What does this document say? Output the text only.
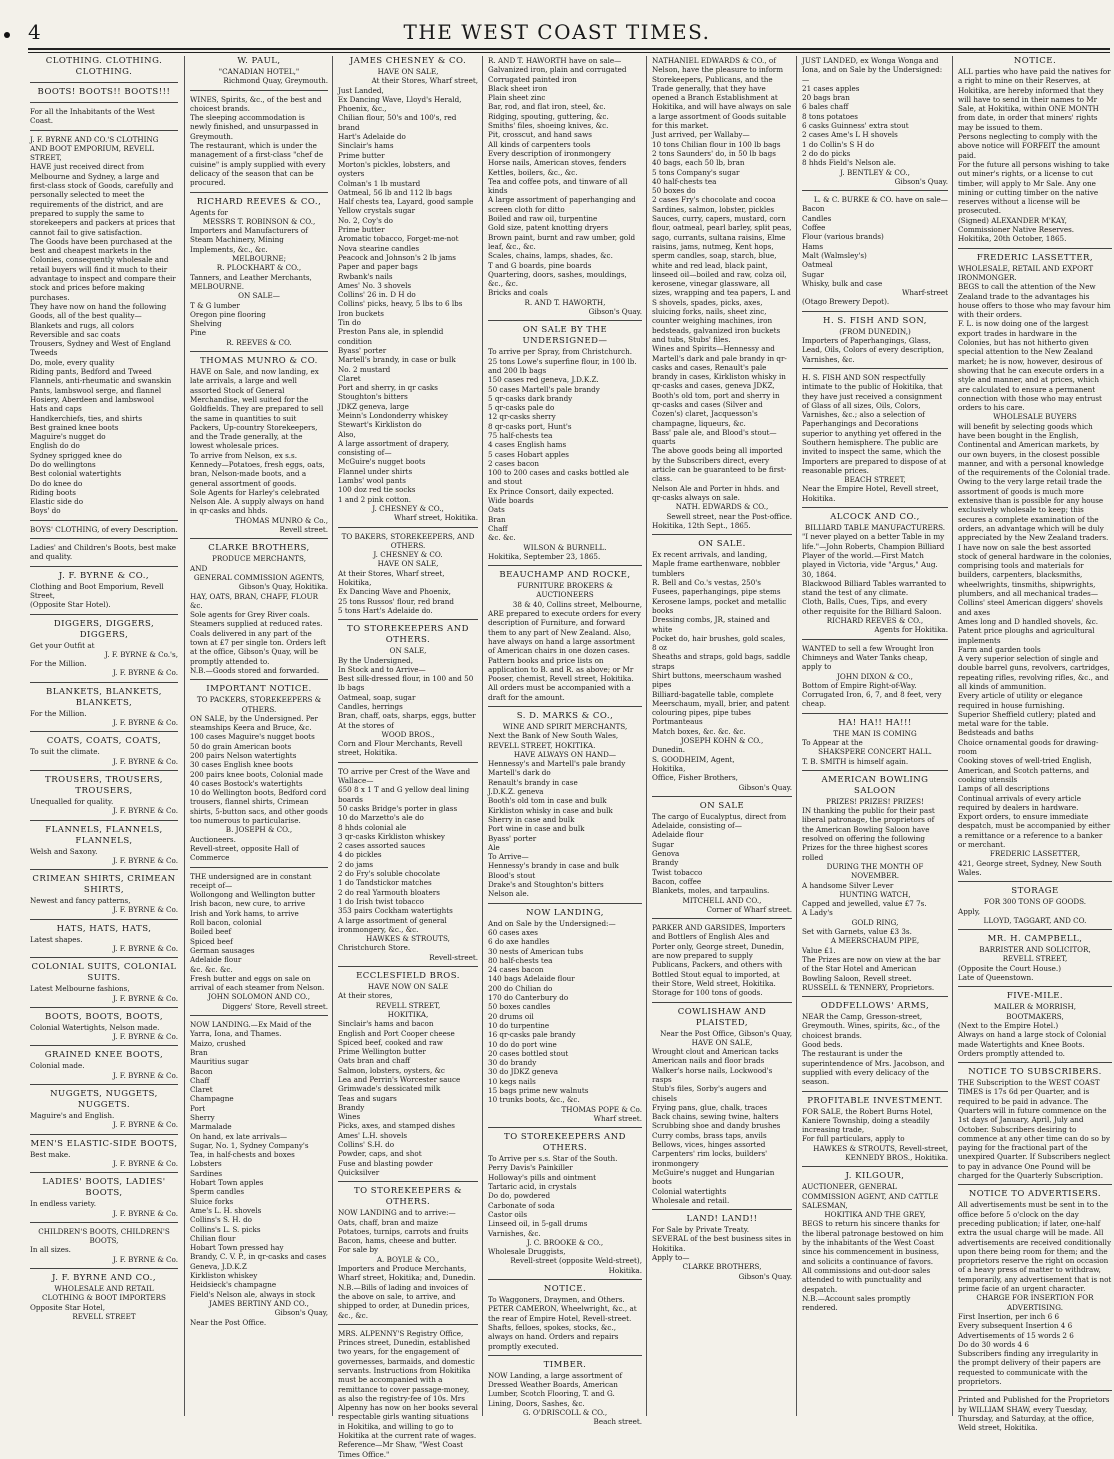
4	THE WEST COAST TIMES.

CLOTHING. CLOTHING. CLOTHING.

BOOTS! BOOTS!! BOOTS!!!

For all the Inhabitants of the West Coast.

J. F. BYRNE AND CO.'S CLOTHING AND BOOT EMPORIUM, REVELL STREET,

HAVE just received direct from Melbourne and Sydney, a large and first-class stock of Goods, carefully and personally selected to meet the requirements of the district, and are prepared to supply the same to storekeepers and packers at prices that cannot fail to give satisfaction.

The Goods have been purchased at the best and cheapest markets in the Colonies, consequently wholesale and retail buyers will find it much to their advantage to inspect and compare their stock and prices before making purchases.

They have now on hand the following Goods, all of the best quality—

Blankets and rugs, all colors

Reversible and sac coats

Trousers, Sydney and West of England Tweeds

Do, mole, every quality

Riding pants, Bedford and Tweed

Flannels, anti-rheumatic and swanskin

Pants, lambswool serge, and flannel

Hosiery, Aberdeen and lambswool

Hats and caps

Handkerchiefs, ties, and shirts

Best grained knee boots

Maguire's nugget do

English do do

Sydney sprigged knee do

Do do wellingtons

Best colonial watertights

Do do knee do

Riding boots

Elastic side do

Boys' do

BOYS' CLOTHING, of every Description.

Ladies' and Children's Boots, best make and quality.

J. F. BYRNE & CO.,

Clothing and Boot Emporium, Revell Street,

(Opposite Star Hotel).

DIGGERS, DIGGERS, DIGGERS,

Get your Outfit at

J. F. BYRNE & Co.'s,

For the Million.

J. F. BYRNE & Co.

BLANKETS, BLANKETS, BLANKETS,

For the Million.

J. F. BYRNE & Co.

COATS, COATS, COATS,

To suit the climate.

J. F. BYRNE & Co.

TROUSERS, TROUSERS, TROUSERS,

Unequalled for quality.

J. F. BYRNE & Co.

FLANNELS, FLANNELS, FLANNELS,

Welsh and Saxony.

J. F. BYRNE & Co.

CRIMEAN SHIRTS, CRIMEAN SHIRTS,

Newest and fancy patterns,

J. F. BYRNE & Co.

HATS, HATS, HATS,

Latest shapes.

J. F. BYRNE & Co.

COLONIAL SUITS, COLONIAL SUITS.

Latest Melbourne fashions,

J. F. BYRNE & Co.

BOOTS, BOOTS, BOOTS,

Colonial Watertights, Nelson made.

J. F. BYRNE & Co.

GRAINED KNEE BOOTS,

Colonial made.

J. F. BYRNE & Co.

NUGGETS, NUGGETS, NUGGETS.

Maguire's and English.

J. F. BYRNE & Co.

MEN'S ELASTIC-SIDE BOOTS,

Best make.

J. F. BYRNE & Co.

LADIES' BOOTS, LADIES' BOOTS,

In endless variety.

J. F. BYRNE & Co.

CHILDREN'S BOOTS, CHILDREN'S BOOTS,

In all sizes.

J. F. BYRNE & Co.

J. F. BYRNE AND CO.,

WHOLESALE AND RETAIL

CLOTHING & BOOT IMPORTERS

Opposite Star Hotel,

REVELL STREET

W. PAUL,

"CANADIAN HOTEL,"

Richmond Quay, Greymouth.

WINES, Spirits, &c., of the best and choicest brands.

The sleeping accommodation is newly finished, and unsurpassed in Greymouth.

The restaurant, which is under the management of a first-class "chef de cuisine" is amply supplied with every delicacy of the season that can be procured.

RICHARD REEVES & CO.,

Agents for

MESSRS T. ROBINSON & CO.,

Importers and Manufacturers of Steam Machinery, Mining Implements, &c., &c.

MELBOURNE;

R. PLOCKHART & CO.,

Tanners, and Leather Merchants, MELBOURNE.

ON SALE—

T & G lumber

Oregon pine flooring

Shelving

Pine

R. REEVES & CO.

THOMAS MUNRO & CO.

HAVE on Sale, and now landing, ex late arrivals, a large and well assorted Stock of General Merchandise, well suited for the Goldfields. They are prepared to sell the same in quantities to suit Packers, Up-country Storekeepers, and the Trade generally, at the lowest wholesale prices.

To arrive from Nelson, ex s.s. Kennedy—Potatoes, fresh eggs, oats, bran, Nelson-made boots, and a general assortment of goods.

Sole Agents for Harley's celebrated Nelson Ale. A supply always on hand in qr-casks and hhds.

THOMAS MUNRO & Co.,

Revell street.

CLARKE BROTHERS,

PRODUCE MERCHANTS,

AND

GENERAL COMMISSION AGENTS,

Gibson's Quay, Hokitika.

HAY, OATS, BRAN, CHAFF, FLOUR &c.

Sole agents for Grey River coals.

Steamers supplied at reduced rates. Coals delivered in any part of the town at £7 per single ton. Orders left at the office, Gibson's Quay, will be promptly attended to.

N.B.—Goods stored and forwarded.

IMPORTANT NOTICE.

TO PACKERS, STOREKEEPERS & OTHERS.

ON SALE, by the Undersigned. Per steamships Keera and Bruce, &c.

100 cases Maguire's nugget boots

50 do grain American boots

200 pairs Nelson watertights

30 cases English knee boots

200 pairs knee boots, Colonial made

40 cases Bostock's watertights

10 do Wellington boots, Bedford cord trousers, flannel shirts, Crimean shirts, 5-button sacs, and other goods too numerous to particularise.

B. JOSEPH & CO.,

Auctioneers.

Revell-street, opposite Hall of Commerce

THE undersigned are in constant receipt of—

Wollongong and Wellington butter

Irish bacon, new cure, to arrive

Irish and York hams, to arrive

Roll bacon, colonial

Boiled beef

Spiced beef

German sausages

Adelaide flour

&c. &c. &c.

Fresh butter and eggs on sale on arrival of each steamer from Nelson.

JOHN SOLOMON AND CO.,

Diggers' Store, Revell street.

NOW LANDING.—Ex Maid of the Yarra, Iona, and Thames.

Maizo, crushed

Bran

Mauritius sugar

Bacon

Chaff

Claret

Champagne

Port

Sherry

Marmalade

On hand, ex late arrivals—

Sugar, No. 1, Sydney Company's

Tea, in half-chests and boxes

Lobsters

Sardines

Hobart Town apples

Sperm candles

Sluice forks

Ame's L. H. shovels

Collins's S. H. do

Collins's L. S. picks

Chilian flour

Hobart Town pressed hay

Brandy, C. V. P., in qr-casks and cases

Geneva, J.D.K.Z

Kirkliston whiskey

Heidsieck's champagne

Field's Nelson ale, always in stock

JAMES BERTINY AND CO.,

Gibson's Quay,

Near the Post Office.

JAMES CHESNEY & CO.

HAVE ON SALE,

At their Stores, Wharf street,

Just Landed,

Ex Dancing Wave, Lloyd's Herald, Phoenix, &c.,

Chilian flour, 50's and 100's, red brand

Hart's Adelaide do

Sinclair's hams

Prime butter

Morton's pickles, lobsters, and oysters

Colman's 1 lb mustard

Oatmeal, 56 lb and 112 lb bags

Half chests tea, Layard, good sample

Yellow crystals sugar

No. 2, Coy's do

Prime butter

Aromatic tobacco, Forget-me-not

Nova stearine candles

Peacock and Johnson's 2 lb jams

Paper and paper bags

Rwbank's nails

Ames' No. 3 shovels

Collins' 26 in. D H do

Collins' picks, heavy, 5 lbs to 6 lbs

Iron buckets

Tin do

Preston Pans ale, in splendid condition

Byass' porter

Martell's brandy, in case or bulk

No. 2 mustard

Claret

Port and sherry, in qr casks

Stoughton's bitters

JDKZ geneva, large

Meinn's Londonderry whiskey

Stewart's Kirkliston do

Also,

A large assortment of drapery, consisting of—

McGuire's nugget boots

Flannel under shirts

Lambs' wool pants

100 doz red tie socks

1 and 2 pink cotton.

J. CHESNEY & CO.,

Wharf street, Hokitika.

TO BAKERS, STOREKEEPERS, AND OTHERS.

J. CHESNEY & CO.

HAVE ON SALE,

At their Stores, Wharf street, Hokitika,

Ex Dancing Wave and Phoenix,

25 tons Russos' flour, red brand

5 tons Hart's Adelaide do.

TO STOREKEEPERS AND OTHERS.

ON SALE,

By the Undersigned,

In Stock and to Arrive—

Best silk-dressed flour, in 100 and 50 lb bags

Oatmeal, soap, sugar

Candles, herrings

Bran, chaff, oats, sharps, eggs, butter

At the stores of

WOOD BROS.,

Corn and Flour Merchants, Revell street, Hokitika.

TO arrive per Crest of the Wave and Wallace—

650 8 x 1 T and G yellow deal lining boards

50 casks Bridge's porter in glass

10 do Marzetto's ale do

8 hhds colonial ale

3 qr-casks Kirkliston whiskey

2 cases assorted sauces

4 do pickles

2 do jams

2 do Fry's soluble chocolate

1 do Tandstickor matches

2 do real Yarmouth bloaters

1 do Irish twist tobacco

353 pairs Cockham watertights

A large assortment of general ironmongery, &c., &c.

HAWKES & STROUTS,

Christchurch Store.

Revell-street.

ECCLESFIELD BROS.

HAVE NOW ON SALE

At their stores,

REVELL STREET,

HOKITIKA,

Sinclair's hams and bacon

English and Port Cooper cheese

Spiced beef, cooked and raw

Prime Wellington butter

Oats bran and chaff

Salmon, lobsters, oysters, &c

Lea and Perrin's Worcester sauce

Grimwade's dessicated milk

Teas and sugars

Brandy

Wines

Picks, axes, and stamped dishes

Ames' L.H. shovels

Collins' S.H. do

Powder, caps, and shot

Fuse and blasting powder

Quicksilver

TO STOREKEEPERS & OTHERS.

NOW LANDING and to arrive:—

Oats, chaff, bran and maize

Potatoes, turnips, carrots and fruits

Bacon, hams, cheese and butter.

For sale by

A. BOYLE & CO.,

Importers and Produce Merchants, Wharf street, Hokitika; and, Dunedin.

N.B.—Bills of lading and invoices of the above on sale, to arrive, and shipped to order, at Dunedin prices, &c., &c.

MRS. ALPENNY'S Registry Office, Princes street, Dunedin, established two years, for the engagement of governesses, barmaids, and domestic servants. Instructions from Hokitika must be accompanied with a remittance to cover passage-money, as also the registry-fee of 10s. Mrs Alpenny has now on her books several respectable girls wanting situations in Hokitika, and willing to go to Hokitika at the current rate of wages. Reference—Mr Shaw, "West Coast Times Office."

R. AND T. HAWORTH have on sale—

Galvanized iron, plain and corrugated

Corrugated painted iron

Black sheet iron

Plain sheet zinc

Bar, rod, and flat iron, steel, &c.

Ridging, spouting, guttering, &c.

Smiths' files, shoeing knives, &c.

Pit, crosscut, and hand saws

All kinds of carpenters tools

Every description of ironmongery

Horse nails, American stoves, fenders

Kettles, boilers, &c., &c.

Tea and coffee pots, and tinware of all kinds

A large assortment of paperhanging and screen cloth for ditto

Boiled and raw oil, turpentine

Gold size, patent knotting dryers

Brown paint, burnt and raw umber, gold leaf, &c., &c.

Scales, chains, lamps, shades, &c.

T and G boards, pine boards

Quartering, doors, sashes, mouldings, &c., &c.

Bricks and coals

R. AND T. HAWORTH,

Gibson's Quay.

ON SALE BY THE UNDERSIGNED—

To arrive per Spray, from Christchurch.

25 tons Lowe's superfine flour, in 100 lb. and 200 lb bags

150 cases red geneva, J.D.K.Z.

50 cases Martell's pale brandy

5 qr-casks dark brandy

5 qr-casks pale do

12 qr-casks sherry

8 qr-casks port, Hunt's

75 half-chests tea

4 cases English hams

5 cases Hobart apples

2 cases bacon

100 to 200 cases and casks bottled ale and stout

Ex Prince Consort, daily expected.

Wide boards

Oats

Bran

Chaff

&c. &c.

WILSON & BURNELL.

Hokitika, September 23, 1865.

BEAUCHAMP AND ROCKE,

FURNITURE BROKERS & AUCTIONEERS

38 & 40, Collins street, Melbourne,

ARE prepared to execute orders for every description of Furniture, and forward them to any part of New Zealand. Also, have always on hand a large assortment of American chairs in one dozen cases.

Pattern books and price lists on application to B. and R. as above; or Mr Pooser, chemist, Revell street, Hokitika.

All orders must be accompanied with a draft for the amount.

S. D. MARKS & CO.,

WINE AND SPIRIT MERCHANTS,

Next the Bank of New South Wales, REVELL STREET, HOKITIKA.

HAVE ALWAYS ON HAND—

Hennessy's and Martell's pale brandy

Martell's dark do

Renault's brandy in case

J.D.K.Z. geneva

Booth's old tom in case and bulk

Kirkliston whisky in case and bulk

Sherry in case and bulk

Port wine in case and bulk

Byass' porter

Ale

To Arrive—

Hennessy's brandy in case and bulk

Blood's stout

Drake's and Stoughton's bitters

Nelson ale.

NOW LANDING,

And on Sale by the Undersigned:—

60 cases axes

6 do axe handles

30 nests of American tubs

80 half-chests tea

24 cases bacon

140 bags Adelaide flour

200 do Chilian do

170 do Canterbury do

50 boxes candles

20 drums oil

10 do turpentine

16 qr-casks pale brandy

10 do do port wine

20 cases bottled stout

30 do brandy

30 do JDKZ geneva

10 kegs nails

15 bags prime new walnuts

10 trunks boots, &c., &c.

THOMAS POPE & Co.

Wharf street.

TO STOREKEEPERS AND OTHERS.

To Arrive per s.s. Star of the South.

Perry Davis's Painkiller

Holloway's pills and ointment

Tartaric acid, in crystals

Do do, powdered

Carbonate of soda

Castor oils

Linseed oil, in 5-gall drums

Varnishes, &c.

J. C. BROOKE & CO.,

Wholesale Druggists,

Revell-street (opposite Weld-street),

Hokitika.

NOTICE.

To Waggoners, Draymen, and Others.

PETER CAMERON, Wheelwright, &c., at the rear of Empire Hotel, Revell-street. Shafts, felloes, spokes, stocks, &c., always on hand. Orders and repairs promptly executed.

TIMBER.

NOW Landing, a large assortment of Dressed Weather Boards, American Lumber, Scotch Flooring, T. and G. Lining, Doors, Sashes, &c.

G. O'DRISCOLL & CO.,

Beach street.

NATHANIEL EDWARDS & CO., of Nelson, have the pleasure to inform Storekeepers, Publicans, and the Trade generally, that they have opened a Branch Establishment at Hokitika, and will have always on sale a large assortment of Goods suitable for this market.

Just arrived, per Wallaby—

10 tons Chilian flour in 100 lb bags

2 tons Saunders' do, in 50 lb bags

40 bags, each 50 lb, bran

5 tons Company's sugar

40 half-chests tea

50 boxes do

2 cases Fry's chocolate and cocoa

Sardines, salmon, lobster, pickles

Sauces, curry, capers, mustard, corn flour, oatmeal, pearl barley, split peas, sago, currants, sultana raisins, Elme raisins, jams, nutmeg, Kent hops, sperm candles, soap, starch, blue, white and red lead, black paint, linseed oil—boiled and raw, colza oil, kerosene, vinegar glassware, all sizes, wrapping and tea papers, L and S shovels, spades, picks, axes, sluicing forks, nails, sheet zinc, counter weighing machines, iron bedsteads, galvanized iron buckets and tubs, Stubs' files.

Wines and Spirits—Hennessy and Martell's dark and pale brandy in qr-casks and cases, Renault's pale brandy in cases, Kirkliston whisky in qr-casks and cases, geneva JDKZ, Booth's old tom, port and sherry in qr-casks and cases (Silver and Cozen's) claret, Jacquesson's champagne, liqueurs, &c.

Bass' pale ale, and Blood's stout—quarts

The above goods being all imported by the Subscribers direct, every article can be guaranteed to be first-class.

Nelson Ale and Porter in hhds. and qr-casks always on sale.

NATH. EDWARDS & CO.,

Sewell street, near the Post-office.

Hokitika, 12th Sept., 1865.

ON SALE.

Ex recent arrivals, and landing,

Maple frame earthenware, nobbler tumblers

R. Bell and Co.'s vestas, 250's

Fusees, paperhangings, pipe stems

Kerosene lamps, pocket and metallic books

Dressing combs, JR, stained and white

Pocket do, hair brushes, gold scales, 8 oz

Sheaths and straps, gold bags, saddle straps

Shirt buttons, meerschaum washed pipes

Billiard-bagatelle table, complete

Meerschaum, myall, brier, and patent colouring pipes, pipe tubes

Portmanteaus

Match boxes, &c. &c. &c.

JOSEPH KOHN & CO.,

Dunedin.

S. GOODHEIM, Agent,

Hokitika,

Office, Fisher Brothers,

Gibson's Quay.

ON SALE

The cargo of Eucalyptus, direct from Adelaide, consisting of—

Adelaide flour

Sugar

Genova

Brandy

Twist tobacco

Bacon, coffee

Blankets, moles, and tarpaulins.

MITCHELL AND CO.,

Corner of Wharf street.

PARKER AND GARSIDES, Importers and Bottlers of English Ales and Porter only, George street, Dunedin, are now prepared to supply Publicans, Packers, and others with Bottled Stout equal to imported, at their Store, Weld street, Hokitika.

Storage for 100 tons of goods.

COWLISHAW AND PLAISTED,

Near the Post Office, Gibson's Quay,

HAVE ON SALE,

Wrought clout and American tacks

American nails and floor brads

Walker's horse nails, Lockwood's rasps

Stub's files, Sorby's augers and chisels

Frying pans, glue, chalk, traces

Back chains, sewing twine, halters

Scrubbing shoe and dandy brushes

Curry combs, brass taps, anvils

Bellows, vices, hinges assorted

Carpenters' rim locks, builders' ironmongery

McGuire's nugget and Hungarian boots

Colonial watertights

Wholesale and retail.

LAND! LAND!!

For Sale by Private Treaty.

SEVERAL of the best business sites in Hokitika.

Apply to—

CLARKE BROTHERS,

Gibson's Quay.

JUST LANDED, ex Wonga Wonga and Iona, and on Sale by the Undersigned:—

21 cases apples

20 bags bran

6 bales chaff

8 tons potatoes

6 casks Guinness' extra stout

2 cases Ame's L H shovels

1 do Collin's S H do

2 do do picks

8 hhds Field's Nelson ale.

J. BENTLEY & CO.,

Gibson's Quay.

L. & C. BURKE & CO. have on sale—

Bacon

Candles

Coffee

Flour (various brands)

Hams

Malt (Walmsley's)

Oatmeal

Sugar

Whisky, bulk and case

Wharf-street

(Otago Brewery Depot).

H. S. FISH AND SON,

(FROM DUNEDIN,)

Importers of Paperhangings, Glass, Lead, Oils, Colors of every description, Varnishes, &c.

H. S. FISH AND SON respectfully intimate to the public of Hokitika, that they have just received a consignment of Glass of all sizes, Oils, Colors, Varnishes, &c.; also a selection of Paperhangings and Decorations superior to anything yet offered in the Southern hemisphere. The public are invited to inspect the same, which the Importers are prepared to dispose of at reasonable prices.

BEACH STREET,

Near the Empire Hotel, Revell street, Hokitika.

ALCOCK AND CO.,

BILLIARD TABLE MANUFACTURERS.

"I never played on a better Table in my life."—John Roberts, Champion Billiard Player of the world.—First Match played in Victoria, vide "Argus," Aug. 30, 1864.

Blackwood Billiard Tables warranted to stand the test of any climate.

Cloth, Balls, Cues, Tips, and every other requisite for the Billiard Saloon.

RICHARD REEVES & CO.,

Agents for Hokitika.

WANTED to sell a few Wrought Iron Chimneys and Water Tanks cheap, apply to

JOHN DIXON & CO.,

Bottom of Empire Right-of-Way.

Corrugated Iron, 6, 7, and 8 feet, very cheap.

HA! HA!! HA!!!

THE MAN IS COMING

To Appear at the

SHAKSPERE CONCERT HALL.

T. B. SMITH is himself again.

AMERICAN BOWLING SALOON

PRIZES! PRIZES! PRIZES!

IN thanking the public for their past liberal patronage, the proprietors of the American Bowling Saloon have resolved on offering the following Prizes for the three highest scores rolled

DURING THE MONTH OF NOVEMBER.

A handsome Silver Lever

HUNTING WATCH,

Capped and jewelled, value £7 7s.

A Lady's

GOLD RING,

Set with Garnets, value £3 3s.

A MEERSCHAUM PIPE,

Value £1.

The Prizes are now on view at the bar of the Star Hotel and American Bowling Saloon, Revell street.

RUSSELL & TENNERY, Proprietors.

ODDFELLOWS' ARMS,

NEAR the Camp, Gresson-street, Greymouth. Wines, spirits, &c., of the choicest brands.

Good beds.

The restaurant is under the superintendence of Mrs. Jacobson, and supplied with every delicacy of the season.

PROFITABLE INVESTMENT.

FOR SALE, the Robert Burns Hotel, Kaniere Township, doing a steadily increasing trade,

For full particulars, apply to

HAWKES & STROUTS, Revell-street,

KENNEDY BROS., Hokitika.

J. KILGOUR,

AUCTIONEER, GENERAL COMMISSION AGENT, AND CATTLE SALESMAN,

HOKITIKA AND THE GREY,

BEGS to return his sincere thanks for the liberal patronage bestowed on him by the inhabitants of the West Coast since his commencement in business, and solicits a continuance of favors.

All commissions and out-door sales attended to with punctuality and despatch.

N.B.—Account sales promptly rendered.

NOTICE.

ALL parties who have paid the natives for a right to mine on their Reserves, at Hokitika, are hereby informed that they will have to send in their names to Mr Sale, at Hokitika, within ONE MONTH from date, in order that miners' rights may be issued to them.

Persons neglecting to comply with the above notice will FORFEIT the amount paid.

For the future all persons wishing to take out miner's rights, or a license to cut timber, will apply to Mr Sale. Any one mining or cutting timber on the native reserves without a license will be prosecuted.

(Signed) ALEXANDER M'KAY,

Commissioner Native Reserves.

Hokitika, 20th October, 1865.

FREDERIC LASSETTER,

WHOLESALE, RETAIL AND EXPORT IRONMONGER.

BEGS to call the attention of the New Zealand trade to the advantages his house offers to those who may favour him with their orders.

F. L. is now doing one of the largest export trades in hardware in the Colonies, but has not hitherto given special attention to the New Zealand market; he is now, however, desirous of showing that he can execute orders in a style and manner, and at prices, which are calculated to ensure a permanent connection with those who may entrust orders to his care.

WHOLESALE BUYERS

will benefit by selecting goods which have been bought in the English, Continental and American markets, by our own buyers, in the closest possible manner, and with a personal knowledge of the requirements of the Colonial trade.

Owing to the very large retail trade the assortment of goods is much more extensive than is possible for any house exclusively wholesale to keep; this secures a complete examination of the orders, an advantage which will be duly appreciated by the New Zealand traders.

I have now on sale the best assorted stock of general hardware in the colonies, comprising tools and materials for builders, carpenters, blacksmiths, wheelwrights, tinsmiths, shipwrights, plumbers, and all mechanical trades—

Collins' steel American diggers' shovels and axes

Ames long and D handled shovels, &c.

Patent price ploughs and agricultural implements

Farm and garden tools

A very superior selection of single and double barrel guns, revolvers, cartridges, repeating rifles, revolving rifles, &c., and all kinds of ammunition.

Every article of utility or elegance required in house furnishing.

Superior Sheffield cutlery; plated and metal ware for the table.

Bedsteads and baths

Choice ornamental goods for drawing-room

Cooking stoves of well-tried English, American, and Scotch patterns, and cooking utensils

Lamps of all descriptions

Continual arrivals of every article required by dealers in hardware.

Export orders, to ensure immediate despatch, must be accompanied by either a remittance or a reference to a banker or merchant.

FREDERIC LASSETTER,

421, George street, Sydney, New South Wales.

STORAGE

FOR 300 TONS OF GOODS.

Apply,

LLOYD, TAGGART, AND CO.

MR. H. CAMPBELL,

BARRISTER AND SOLICITOR,

REVELL STREET,

(Opposite the Court House.)

Late of Queenstown.

FIVE-MILE.

MAILER & MORRISH,

BOOTMAKERS,

(Next to the Empire Hotel.)

Always on hand a large stock of Colonial made Watertights and Knee Boots. Orders promptly attended to.

NOTICE TO SUBSCRIBERS.

THE Subscription to the WEST COAST TIMES is 17s 6d per Quarter, and is required to be paid in advance. The Quarters will in future commence on the 1st days of January, April, July and October. Subscribers desiring to commence at any other time can do so by paying for the fractional part of the unexpired Quarter. If Subscribers neglect to pay in advance One Pound will be charged for the Quarterly Subscription.

NOTICE TO ADVERTISERS.

All advertisements must be sent in to the office before 5 o'clock on the day preceding publication; if later, one-half extra the usual charge will be made. All advertisements are received conditionally upon there being room for them; and the proprietors reserve the right on occasion of a heavy press of matter to withdraw, temporarily, any advertisement that is not prime facie of an urgent character.

CHARGE FOR INSERTION FOR ADVERTISING.

First Insertion, per inch 6 6

Every subsequent Insertion 4 6

Advertisements of 15 words 2 6

Do do 30 words 4 6

Subscribers finding any irregularity in the prompt delivery of their papers are requested to communicate with the proprietors.

Printed and Published for the Proprietors by WILLIAM SHAW, every Tuesday, Thursday, and Saturday, at the office, Weld street, Hokitika.
